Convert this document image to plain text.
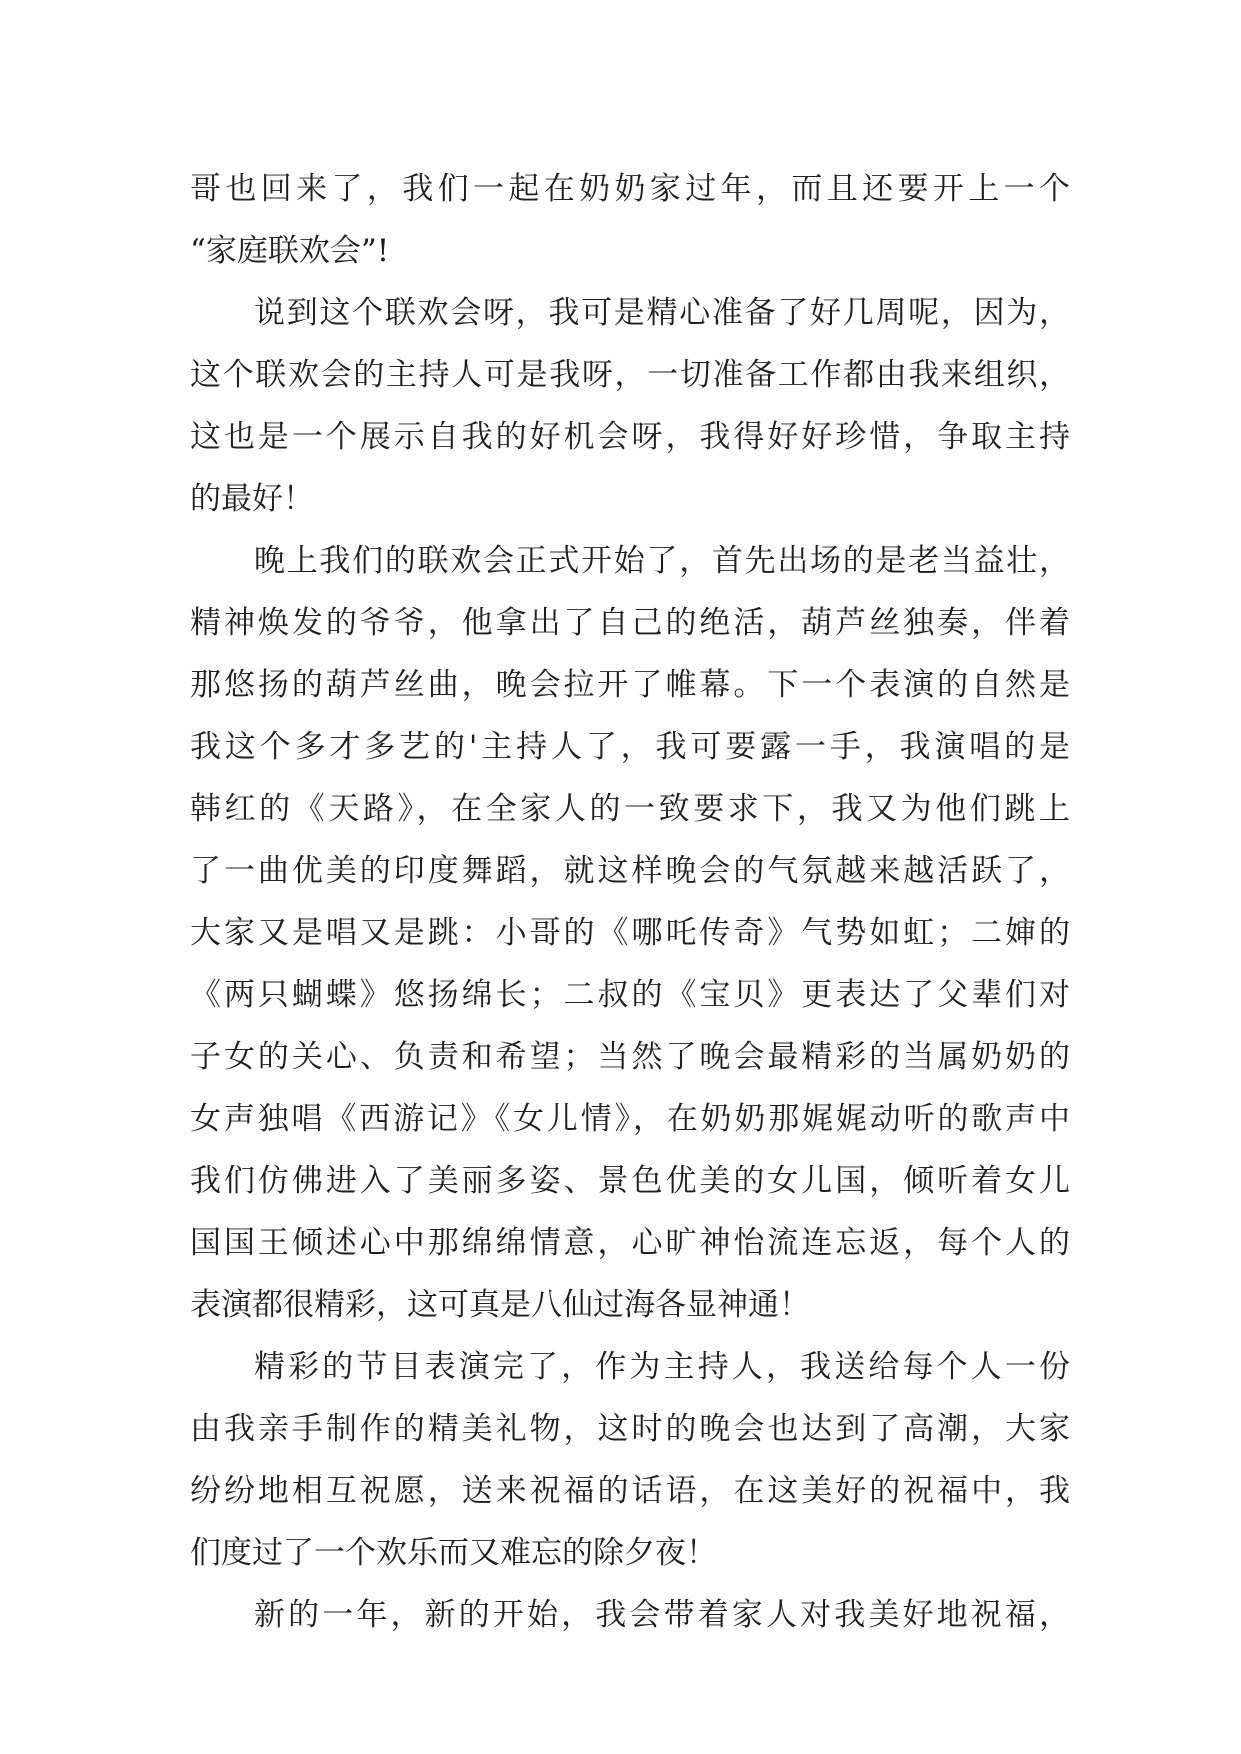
哥也回来了，我们一起在奶奶家过年，而且还要开上一个
“家庭联欢会”!
说到这个联欢会呀，我可是精心准备了好几周呢，因为，
这个联欢会的主持人可是我呀，一切准备工作都由我来组织，
这也是一个展示自我的好机会呀，我得好好珍惜，争取主持
的最好！
晚上我们的联欢会正式开始了，首先出场的是老当益壮，
精神焕发的爷爷，他拿出了自己的绝活，葫芦丝独奏，伴着
那悠扬的葫芦丝曲，晚会拉开了帷幕。下一个表演的自然是
我这个多才多艺的'主持人了，我可要露一手，我演唱的是
韩红的《天路》，在全家人的一致要求下，我又为他们跳上
了一曲优美的印度舞蹈，就这样晚会的气氛越来越活跃了，
大家又是唱又是跳：小哥的《哪吒传奇》气势如虹；二婶的
《两只蝴蝶》悠扬绵长；二叔的《宝贝》更表达了父辈们对
子女的关心、负责和希望；当然了晚会最精彩的当属奶奶的
女声独唱《西游记》《女儿情》，在奶奶那娓娓动听的歌声中
我们仿佛进入了美丽多姿、景色优美的女儿国，倾听着女儿
国国王倾述心中那绵绵情意，心旷神怡流连忘返，每个人的
表演都很精彩，这可真是八仙过海各显神通！
精彩的节目表演完了，作为主持人，我送给每个人一份
由我亲手制作的精美礼物，这时的晚会也达到了高潮，大家
纷纷地相互祝愿，送来祝福的话语，在这美好的祝福中，我
们度过了一个欢乐而又难忘的除夕夜！
新的一年，新的开始，我会带着家人对我美好地祝福，
